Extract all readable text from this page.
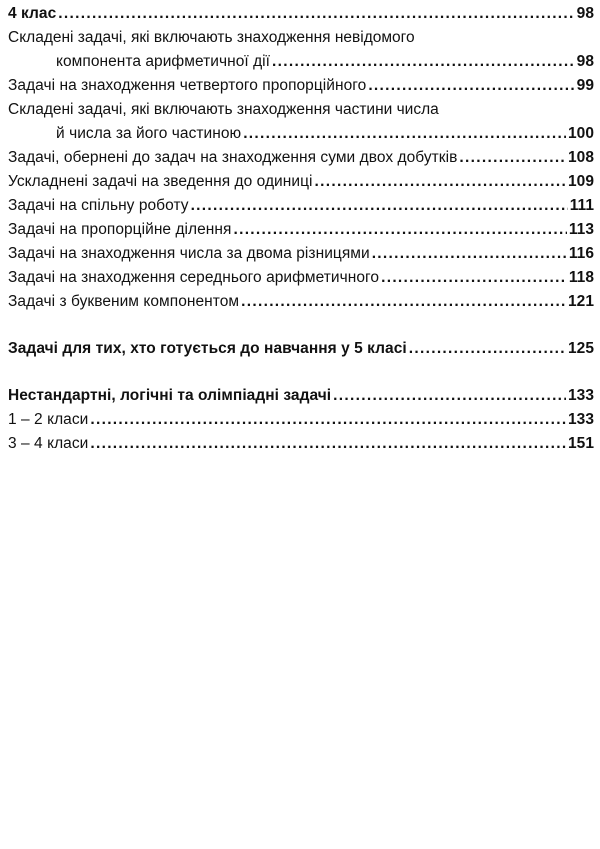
4 клас . . .	98
Складені задачі, які включають знаходження невідомого
компонента арифметичної дії . . .	98
Задачі на знаходження четвертого пропорційного . . .	99
Складені задачі, які включають знаходження частини числа
й числа за його частиною . . .	100
Задачі, обернені до задач на знаходження суми двох добутків . . .	108
Ускладнені задачі на зведення до одиниці . . .	109
Задачі на спільну роботу . . .	111
Задачі на пропорційне ділення . . .	113
Задачі на знаходження числа за двома різницями . . .	116
Задачі на знаходження середнього арифметичного . . .	118
Задачі з буквеним компонентом . . .	121
Задачі для тих, хто готується до навчання у 5 класі . . .	125
Нестандартні, логічні та олімпіадні задачі . . .	133
1 – 2 класи . . .	133
3 – 4 класи . . .	151
